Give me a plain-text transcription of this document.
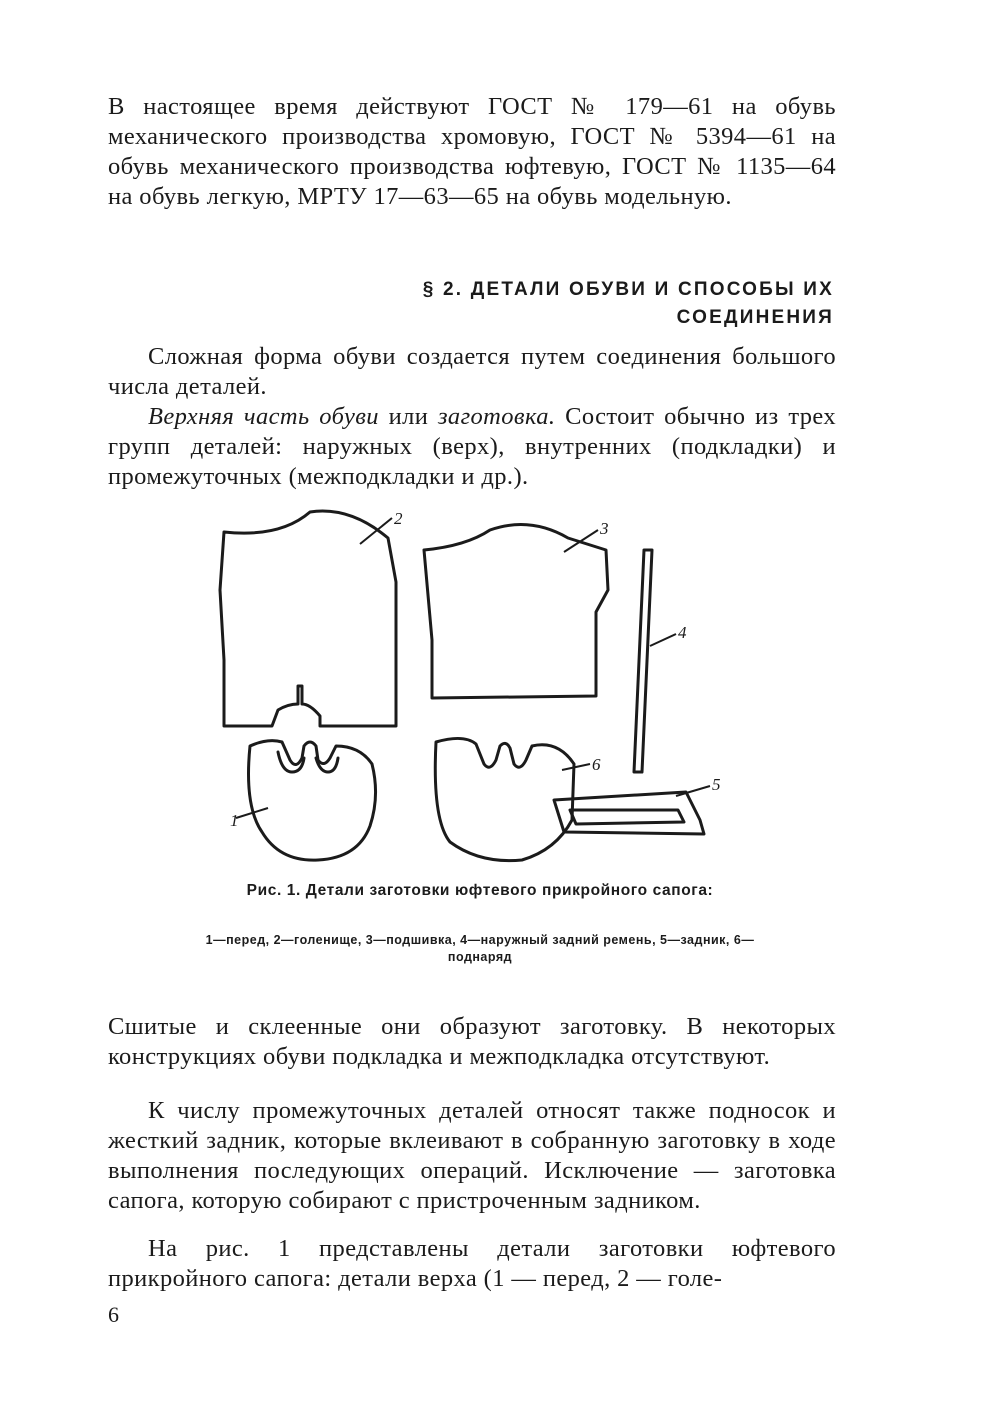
В настоящее время действуют ГОСТ № 179—61 на обувь механического производства хромовую, ГОСТ № 5394—61 на обувь механического производства юфтевую, ГОСТ № 1135—64 на обувь легкую, МРТУ 17—63—65 на обувь модельную.

§ 2. ДЕТАЛИ ОБУВИ И СПОСОБЫ ИХ
СОЕДИНЕНИЯ

Сложная форма обуви создается путем соединения большого числа деталей.

Верхняя часть обуви или заготовка. Состоит обычно из трех групп деталей: наружных (верх), внутренних (подкладки) и промежуточных (межподкладки и др.).

1
2
3
4
5
6

Рис. 1. Детали заготовки юфтевого прикройного сапога:

1—перед, 2—голенище, 3—подшивка, 4—наружный задний ремень, 5—задник, 6—поднаряд

Сшитые и склеенные они образуют заготовку. В некоторых конструкциях обуви подкладка и межподкладка отсутствуют.

К числу промежуточных деталей относят также подносок и жесткий задник, которые вклеивают в собранную заготовку в ходе выполнения последующих операций. Исключение — заготовка сапога, которую собирают с пристроченным задником.

На рис. 1 представлены детали заготовки юфтевого прикройного сапога: детали верха (1 — перед, 2 — голе-

6
